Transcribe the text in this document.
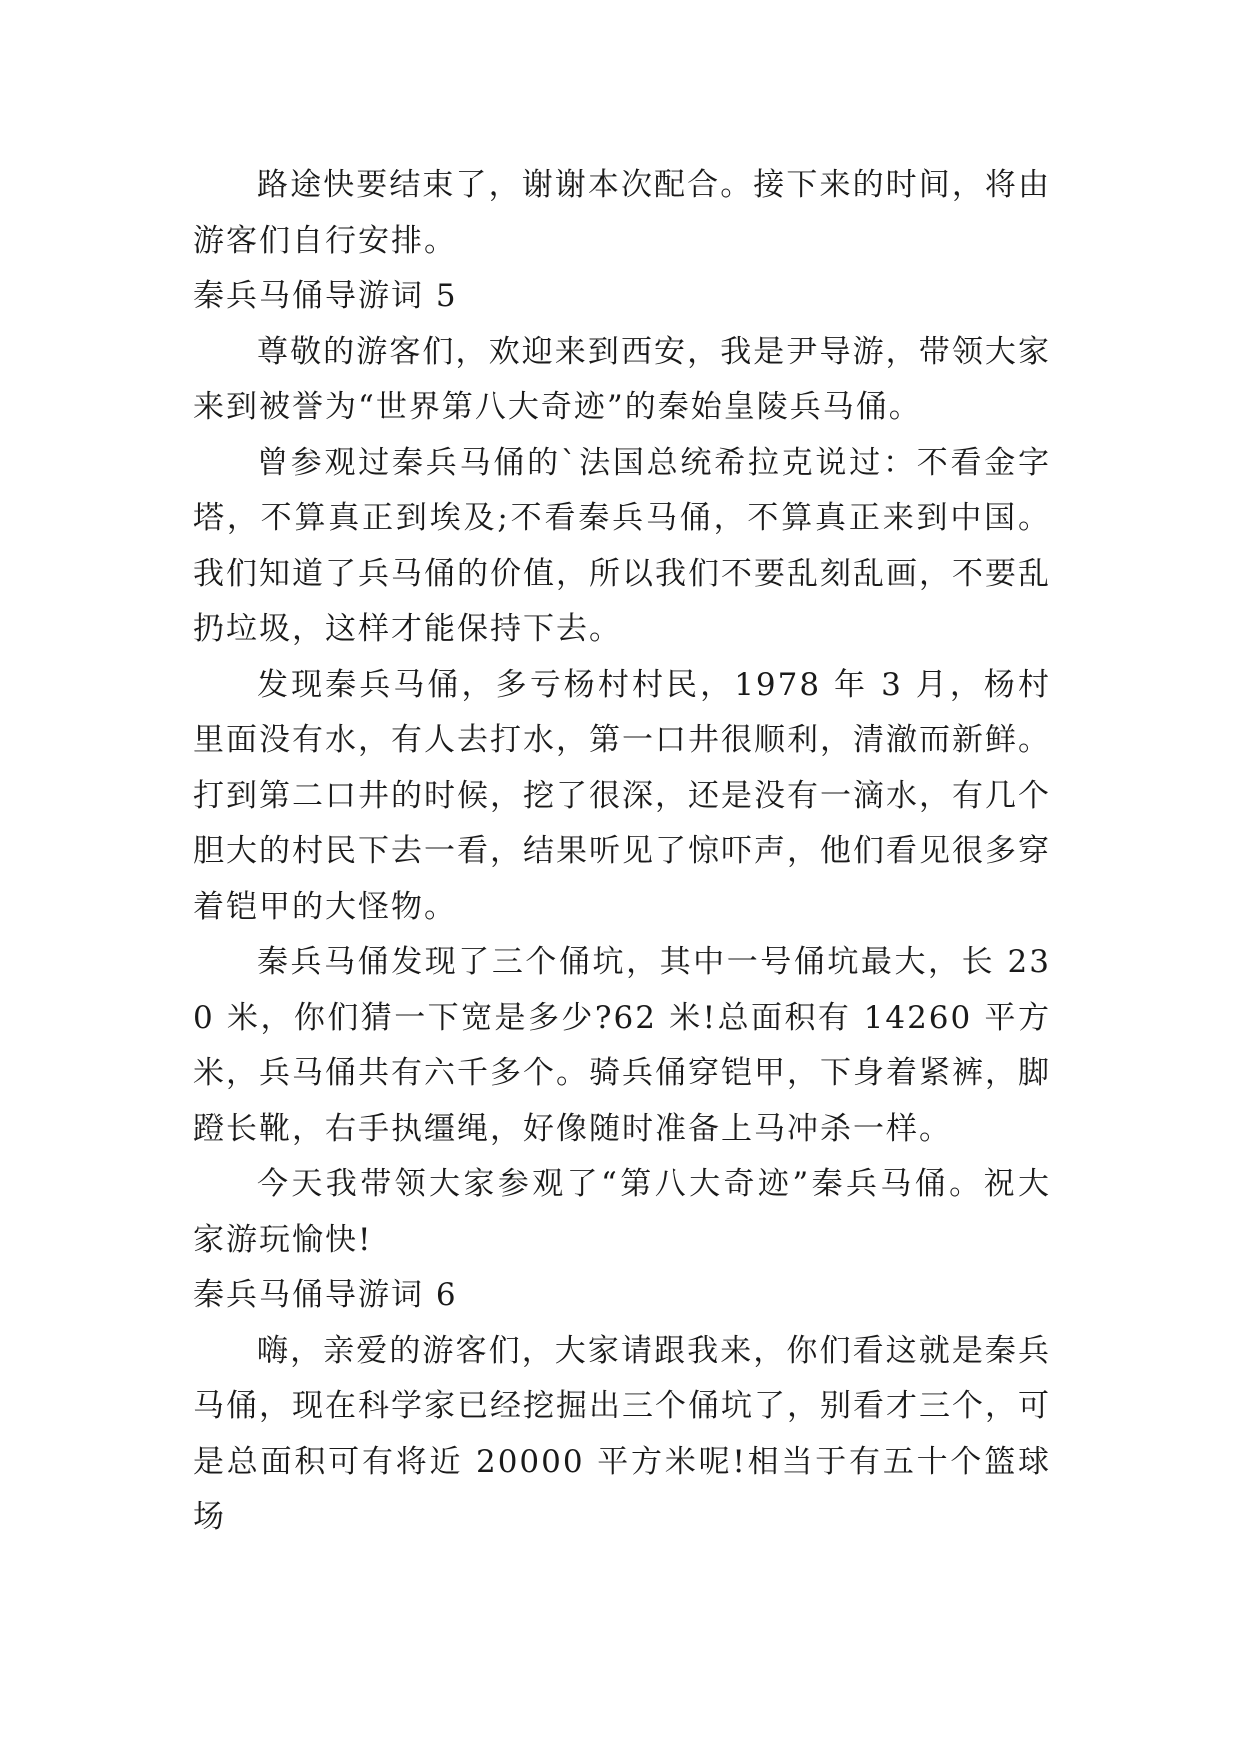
路途快要结束了，谢谢本次配合。接下来的时间，将由游客们自行安排。

秦兵马俑导游词 5

尊敬的游客们，欢迎来到西安，我是尹导游，带领大家来到被誉为“世界第八大奇迹”的秦始皇陵兵马俑。

曾参观过秦兵马俑的`法国总统希拉克说过：不看金字塔，不算真正到埃及;不看秦兵马俑，不算真正来到中国。我们知道了兵马俑的价值，所以我们不要乱刻乱画，不要乱扔垃圾，这样才能保持下去。

发现秦兵马俑，多亏杨村村民，1978 年 3 月，杨村里面没有水，有人去打水，第一口井很顺利，清澈而新鲜。打到第二口井的时候，挖了很深，还是没有一滴水，有几个胆大的村民下去一看，结果听见了惊吓声，他们看见很多穿着铠甲的大怪物。

秦兵马俑发现了三个俑坑，其中一号俑坑最大，长 230 米，你们猜一下宽是多少?62 米!总面积有 14260 平方米，兵马俑共有六千多个。骑兵俑穿铠甲，下身着紧裤，脚蹬长靴，右手执缰绳，好像随时准备上马冲杀一样。

今天我带领大家参观了“第八大奇迹”秦兵马俑。祝大家游玩愉快!

秦兵马俑导游词 6

嗨，亲爱的游客们，大家请跟我来，你们看这就是秦兵马俑，现在科学家已经挖掘出三个俑坑了，别看才三个，可是总面积可有将近 20000 平方米呢!相当于有五十个篮球场
